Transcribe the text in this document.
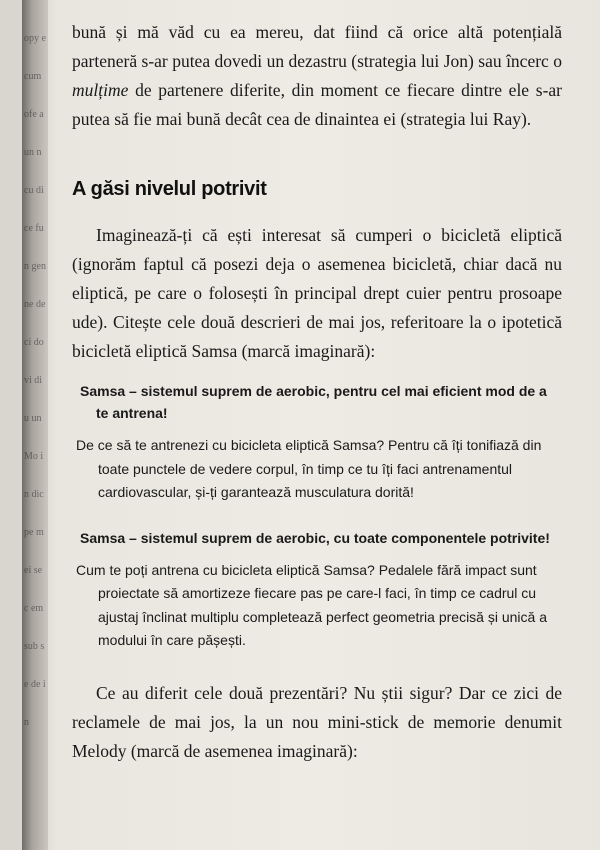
opy e cum ofe aun n cu dice fun gen ne deci dovi diu un Mo in dic pe mei sec em sub se de in

bună și mă văd cu ea mereu, dat fiind că orice altă potențială parteneră s-ar putea dovedi un dezastru (strategia lui Jon) sau încerc o mulțime de partenere diferite, din moment ce fiecare dintre ele s-ar putea să fie mai bună decât cea de dinaintea ei (strategia lui Ray).

A găsi nivelul potrivit

Imaginează-ți că ești interesat să cumperi o bicicletă eliptică (ignorăm faptul că posezi deja o asemenea bicicletă, chiar dacă nu eliptică, pe care o folosești în principal drept cuier pentru prosoape ude). Citește cele două descrieri de mai jos, referitoare la o ipotetică bicicletă eliptică Samsa (marcă imaginară):

Samsa – sistemul suprem de aerobic, pentru cel mai eficient mod de a te antrena!

De ce să te antrenezi cu bicicleta eliptică Samsa? Pentru că îți tonifiază din toate punctele de vedere corpul, în timp ce tu îți faci antrenamentul cardiovascular, și-ți garantează musculatura dorită!

Samsa – sistemul suprem de aerobic, cu toate componentele potrivite!

Cum te poți antrena cu bicicleta eliptică Samsa? Pedalele fără impact sunt proiectate să amortizeze fiecare pas pe care-l faci, în timp ce cadrul cu ajustaj înclinat multiplu completează perfect geometria precisă și unică a modului în care pășești.

Ce au diferit cele două prezentări? Nu știi sigur? Dar ce zici de reclamele de mai jos, la un nou mini-stick de memorie denumit Melody (marcă de asemenea imaginară):
